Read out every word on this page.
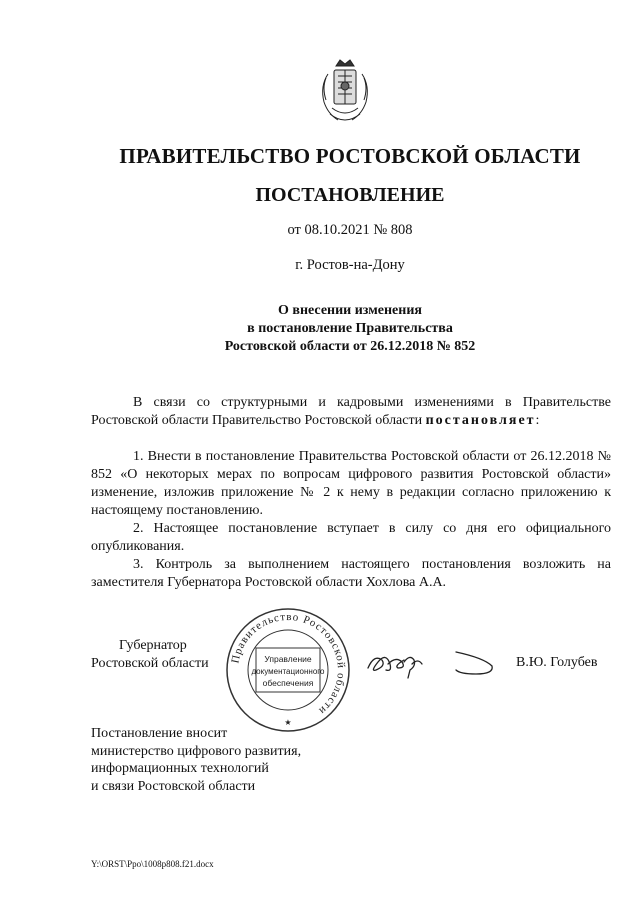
ПРАВИТЕЛЬСТВО РОСТОВСКОЙ ОБЛАСТИ
ПОСТАНОВЛЕНИЕ
от 08.10.2021 № 808
г. Ростов-на-Дону
О внесении изменения
в постановление Правительства
Ростовской области от 26.12.2018 № 852
В связи со структурными и кадровыми изменениями в Правительстве Ростовской области Правительство Ростовской области постановляет:
1. Внести в постановление Правительства Ростовской области от 26.12.2018 № 852 «О некоторых мерах по вопросам цифрового развития Ростовской области» изменение, изложив приложение № 2 к нему в редакции согласно приложению к настоящему постановлению.
2. Настоящее постановление вступает в силу со дня его официального опубликования.
3. Контроль за выполнением настоящего постановления возложить на заместителя Губернатора Ростовской области Хохлова А.А.
Губернатор
Ростовской области Правительство Ростовской области
Управление
документационного
обеспечения
★
В.Ю. Голубев
Постановление вносит
министерство цифрового развития,
информационных технологий
и связи Ростовской области
Y:\ORST\Ppo\1008p808.f21.docx
